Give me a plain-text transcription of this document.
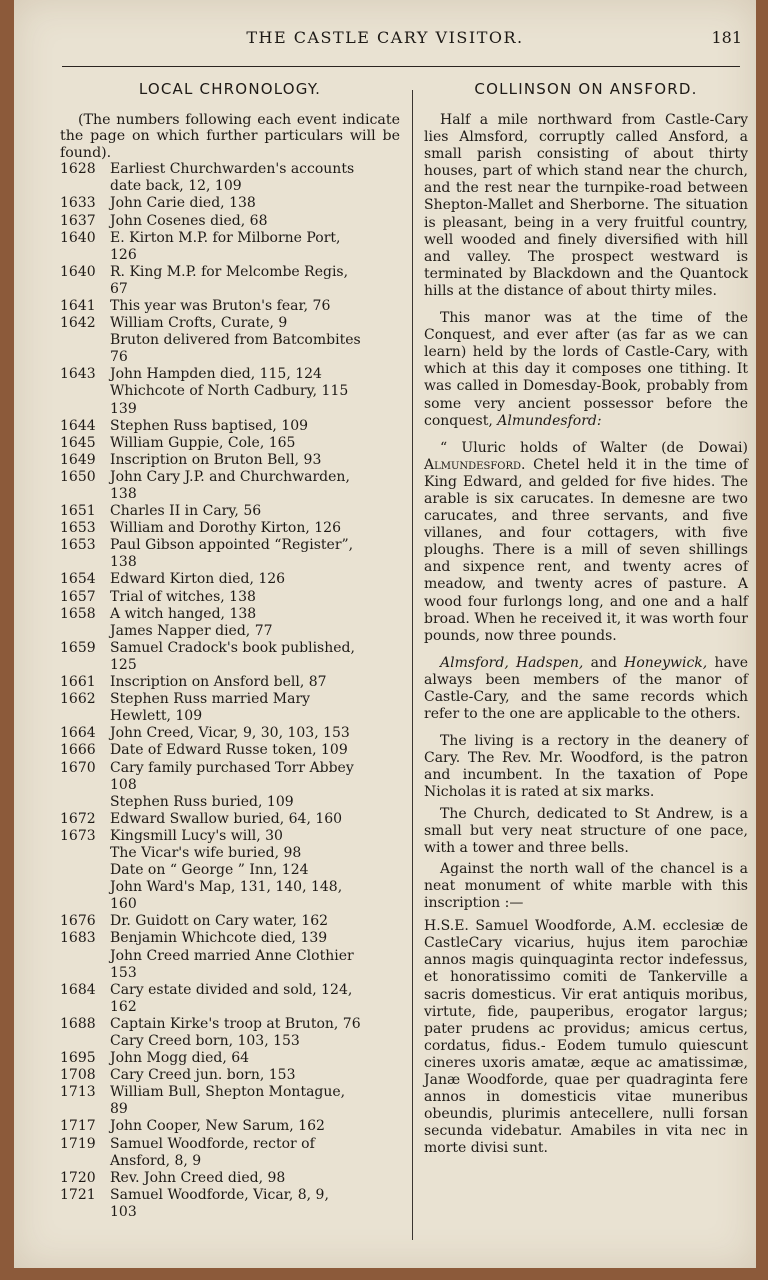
THE CASTLE CARY VISITOR.	181
LOCAL CHRONOLOGY.
(The numbers following each event indicate the page on which further particulars will be found).
1628	Earliest Churchwarden's accounts
date back, 12, 109
1633	John Carie died, 138
1637	John Cosenes died, 68
1640	E. Kirton M.P. for Milborne Port,
126
1640	R. King M.P. for Melcombe Regis,
67
1641	This year was Bruton's fear, 76
1642	William Crofts, Curate, 9
Bruton delivered from Batcombites
76
1643	John Hampden died, 115, 124
Whichcote of North Cadbury, 115
139
1644	Stephen Russ baptised, 109
1645	William Guppie, Cole, 165
1649	Inscription on Bruton Bell, 93
1650	John Cary J.P. and Churchwarden,
138
1651	Charles II in Cary, 56
1653	William and Dorothy Kirton, 126
1653	Paul Gibson appointed “Register”,
138
1654	Edward Kirton died, 126
1657	Trial of witches, 138
1658	A witch hanged, 138
James Napper died, 77
1659	Samuel Cradock's book published,
125
1661	Inscription on Ansford bell, 87
1662	Stephen Russ married Mary
Hewlett, 109
1664	John Creed, Vicar, 9, 30, 103, 153
1666	Date of Edward Russe token, 109
1670	Cary family purchased Torr Abbey
108
Stephen Russ buried, 109
1672	Edward Swallow buried, 64, 160
1673	Kingsmill Lucy's will, 30
The Vicar's wife buried, 98
Date on “ George ” Inn, 124
John Ward's Map, 131, 140, 148,
160
1676	Dr. Guidott on Cary water, 162
1683	Benjamin Whichcote died, 139
John Creed married Anne Clothier
153
1684	Cary estate divided and sold, 124,
162
1688	Captain Kirke's troop at Bruton, 76
Cary Creed born, 103, 153
1695	John Mogg died, 64
1708	Cary Creed jun. born, 153
1713	William Bull, Shepton Montague,
89
1717	John Cooper, New Sarum, 162
1719	Samuel Woodforde, rector of
Ansford, 8, 9
1720	Rev. John Creed died, 98
1721	Samuel Woodforde, Vicar, 8, 9,
103
COLLINSON ON ANSFORD.

Half a mile northward from Castle-Cary lies Almsford, corruptly called Ansford, a small parish consisting of about thirty houses, part of which stand near the church, and the rest near the turnpike-road between Shepton-Mallet and Sherborne. The situation is pleasant, being in a very fruitful country, well wooded and finely diversified with hill and valley. The prospect westward is terminated by Blackdown and the Quantock hills at the distance of about thirty miles.

This manor was at the time of the Conquest, and ever after (as far as we can learn) held by the lords of Castle-Cary, with which at this day it composes one tithing. It was called in Domesday-Book, probably from some very ancient possessor before the conquest, Almundesford:

“ Uluric holds of Walter (de Dowai) Almundesford. Chetel held it in the time of King Edward, and gelded for five hides. The arable is six carucates. In demesne are two carucates, and three servants, and five villanes, and four cottagers, with five ploughs. There is a mill of seven shillings and sixpence rent, and twenty acres of meadow, and twenty acres of pasture. A wood four furlongs long, and one and a half broad. When he received it, it was worth four pounds, now three pounds.

Almsford, Hadspen, and Honeywick, have always been members of the manor of Castle-Cary, and the same records which refer to the one are applicable to the others.

The living is a rectory in the deanery of Cary. The Rev. Mr. Woodford, is the patron and incumbent. In the taxation of Pope Nicholas it is rated at six marks.

The Church, dedicated to St Andrew, is a small but very neat structure of one pace, with a tower and three bells.

Against the north wall of the chancel is a neat monument of white marble with this inscription :—

H.S.E. Samuel Woodforde, A.M. ecclesiæ de CastleCary vicarius, hujus item parochiæ annos magis quinquaginta rector indefessus, et honoratissimo comiti de Tankerville a sacris domesticus. Vir erat antiquis moribus, virtute, fide, pauperibus, erogator largus; pater prudens ac providus; amicus certus, cordatus, fidus.- Eodem tumulo quiescunt cineres uxoris amatæ, æque ac amatissimæ, Janæ Woodforde, quae per quadraginta fere annos in domesticis vitae muneribus obeundis, plurimis antecellere, nulli forsan secunda videbatur. Amabiles in vita nec in morte divisi sunt.
